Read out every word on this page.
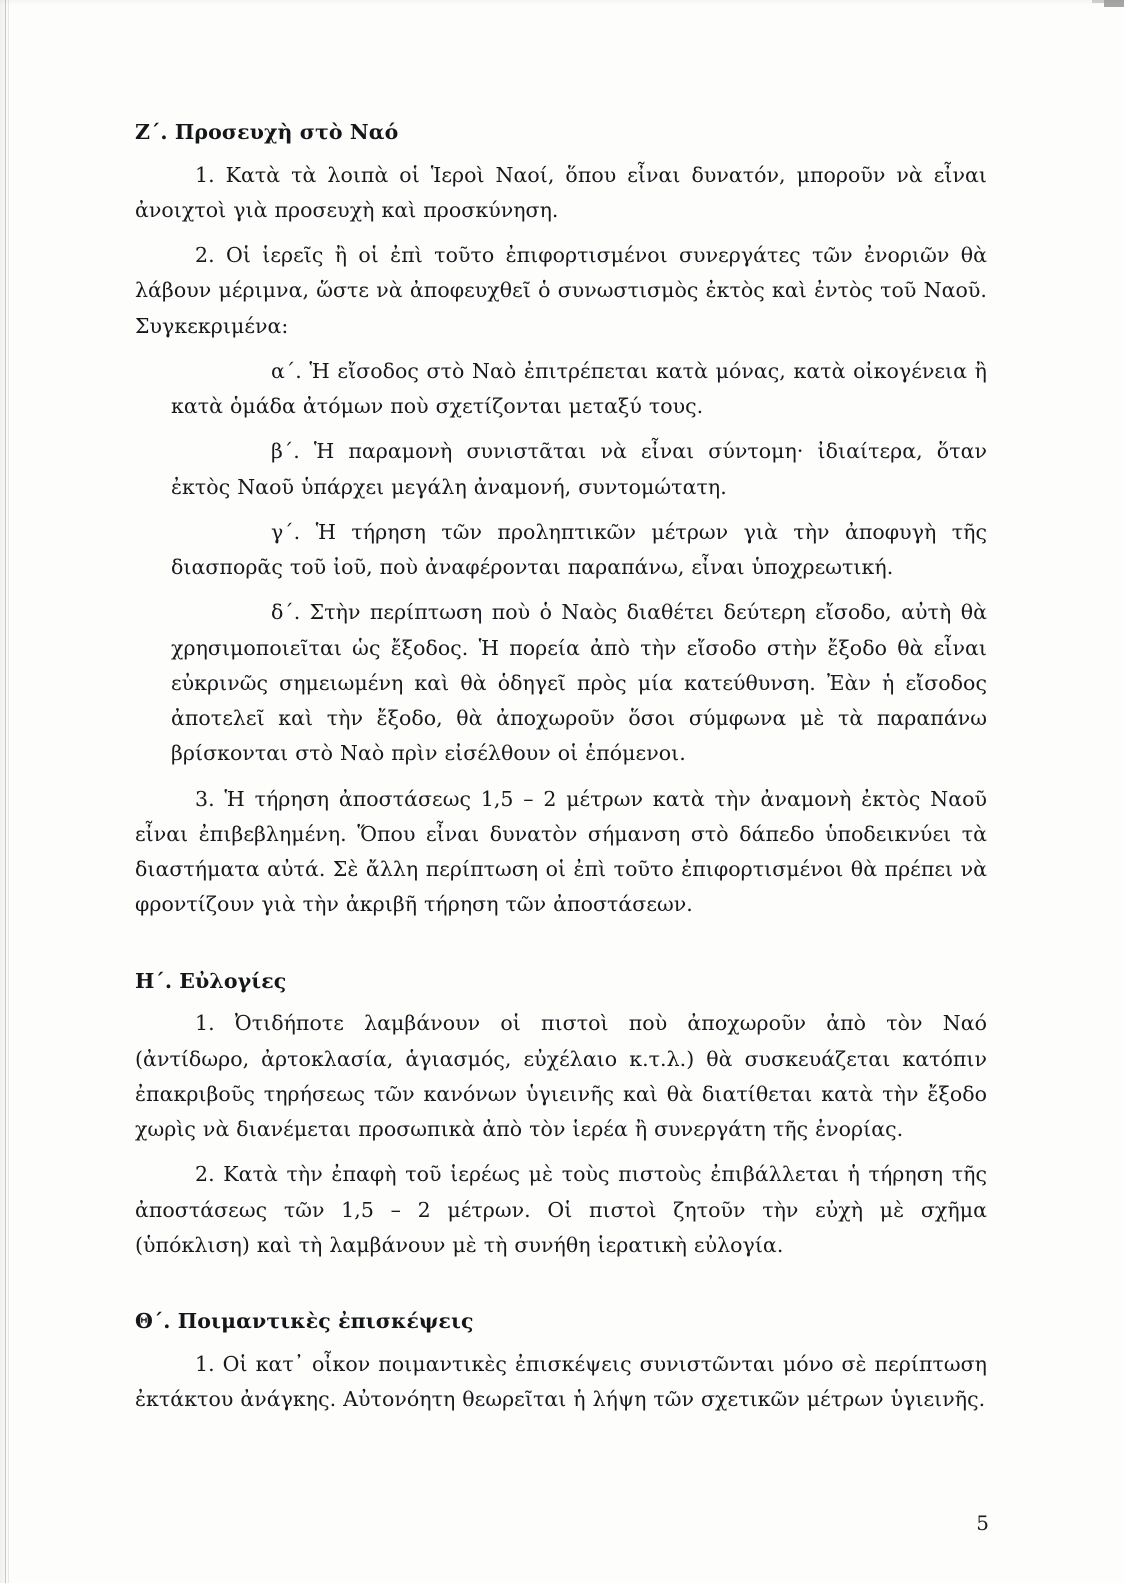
Ζ΄. Προσευχὴ στὸ Ναό

1. Κατὰ τὰ λοιπὰ οἱ Ἱεροὶ Ναοί, ὅπου εἶναι δυνατόν, μποροῦν νὰ εἶναι ἀνοιχτοὶ γιὰ προσευχὴ καὶ προσκύνηση.

2. Οἱ ἱερεῖς ἢ οἱ ἐπὶ τοῦτο ἐπιφορτισμένοι συνεργάτες τῶν ἐνοριῶν θὰ λάβουν μέριμνα, ὥστε νὰ ἀποφευχθεῖ ὁ συνωστισμὸς ἐκτὸς καὶ ἐντὸς τοῦ Ναοῦ. Συγκεκριμένα:

α΄. Ἡ εἴσοδος στὸ Ναὸ ἐπιτρέπεται κατὰ μόνας, κατὰ οἰκογένεια ἢ κατὰ ὁμάδα ἀτόμων ποὺ σχετίζονται μεταξύ τους.

β΄. Ἡ παραμονὴ συνιστᾶται νὰ εἶναι σύντομη· ἰδιαίτερα, ὅταν ἐκτὸς Ναοῦ ὑπάρχει μεγάλη ἀναμονή, συντομώτατη.

γ΄. Ἡ τήρηση τῶν προληπτικῶν μέτρων γιὰ τὴν ἀποφυγὴ τῆς διασπορᾶς τοῦ ἰοῦ, ποὺ ἀναφέρονται παραπάνω, εἶναι ὑποχρεωτική.

δ΄. Στὴν περίπτωση ποὺ ὁ Ναὸς διαθέτει δεύτερη εἴσοδο, αὐτὴ θὰ χρησιμοποιεῖται ὡς ἔξοδος. Ἡ πορεία ἀπὸ τὴν εἴσοδο στὴν ἔξοδο θὰ εἶναι εὐκρινῶς σημειωμένη καὶ θὰ ὁδηγεῖ πρὸς μία κατεύθυνση. Ἐὰν ἡ εἴσοδος ἀποτελεῖ καὶ τὴν ἔξοδο, θὰ ἀποχωροῦν ὅσοι σύμφωνα μὲ τὰ παραπάνω βρίσκονται στὸ Ναὸ πρὶν εἰσέλθουν οἱ ἑπόμενοι.

3. Ἡ τήρηση ἀποστάσεως 1,5 – 2 μέτρων κατὰ τὴν ἀναμονὴ ἐκτὸς Ναοῦ εἶναι ἐπιβεβλημένη. Ὅπου εἶναι δυνατὸν σήμανση στὸ δάπεδο ὑποδεικνύει τὰ διαστήματα αὐτά. Σὲ ἄλλη περίπτωση οἱ ἐπὶ τοῦτο ἐπιφορτισμένοι θὰ πρέπει νὰ φροντίζουν γιὰ τὴν ἀκριβῆ τήρηση τῶν ἀποστάσεων.

Η΄. Εὐλογίες

1. Ὀτιδήποτε λαμβάνουν οἱ πιστοὶ ποὺ ἀποχωροῦν ἀπὸ τὸν Ναό (ἀντίδωρο, ἀρτοκλασία, ἁγιασμός, εὐχέλαιο κ.τ.λ.) θὰ συσκευάζεται κατόπιν ἐπακριβοῦς τηρήσεως τῶν κανόνων ὑγιεινῆς καὶ θὰ διατίθεται κατὰ τὴν ἔξοδο χωρὶς νὰ διανέμεται προσωπικὰ ἀπὸ τὸν ἱερέα ἢ συνεργάτη τῆς ἐνορίας.

2. Κατὰ τὴν ἐπαφὴ τοῦ ἱερέως μὲ τοὺς πιστοὺς ἐπιβάλλεται ἡ τήρηση τῆς ἀποστάσεως τῶν 1,5 – 2 μέτρων. Οἱ πιστοὶ ζητοῦν τὴν εὐχὴ μὲ σχῆμα (ὑπόκλιση) καὶ τὴ λαμβάνουν μὲ τὴ συνήθη ἱερατικὴ εὐλογία.

Θ΄. Ποιμαντικὲς ἐπισκέψεις

1. Οἱ κατ᾽ οἶκον ποιμαντικὲς ἐπισκέψεις συνιστῶνται μόνο σὲ περίπτωση ἐκτάκτου ἀνάγκης. Αὐτονόητη θεωρεῖται ἡ λήψη τῶν σχετικῶν μέτρων ὑγιεινῆς.

5
